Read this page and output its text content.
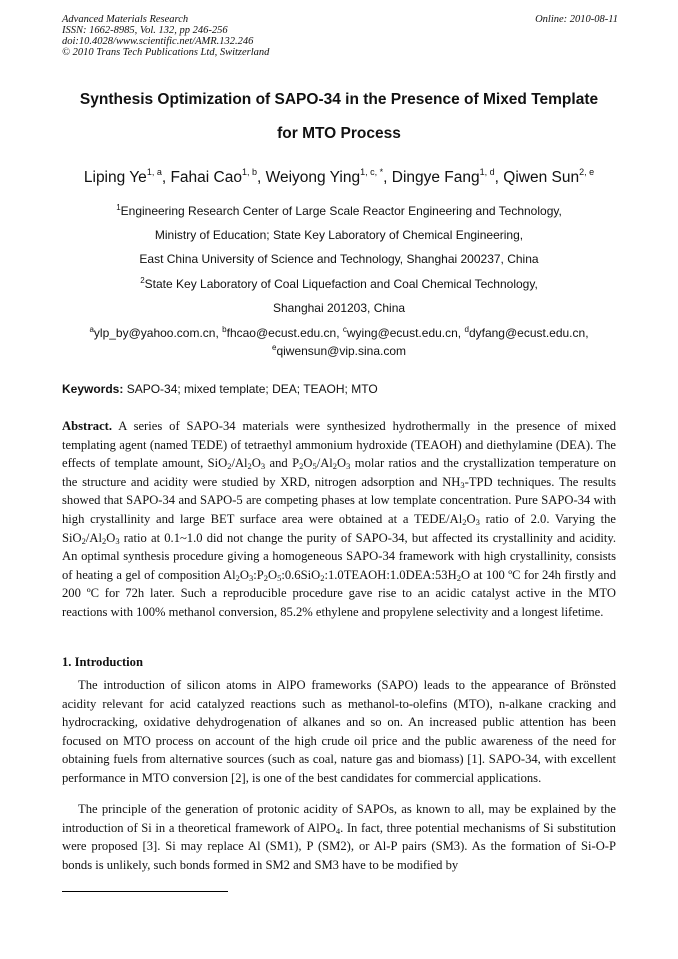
Advanced Materials Research
ISSN: 1662-8985, Vol. 132, pp 246-256
doi:10.4028/www.scientific.net/AMR.132.246
© 2010 Trans Tech Publications Ltd, Switzerland
Online: 2010-08-11
Synthesis Optimization of SAPO-34 in the Presence of Mixed Template
for MTO Process
Liping Ye$^{1, a}$, Fahai Cao$^{1, b}$, Weiyong Ying$^{1, c, *}$, Dingye Fang$^{1, d}$, Qiwen Sun$^{2, e}$
$^1$Engineering Research Center of Large Scale Reactor Engineering and Technology,
Ministry of Education; State Key Laboratory of Chemical Engineering,
East China University of Science and Technology, Shanghai 200237, China
$^2$State Key Laboratory of Coal Liquefaction and Coal Chemical Technology,
Shanghai 201203, China
$^a$ylp_by@yahoo.com.cn, $^b$fhcao@ecust.edu.cn, $^c$wying@ecust.edu.cn, $^d$dyfang@ecust.edu.cn,
$^e$qiwensun@vip.sina.com
Keywords: SAPO-34; mixed template; DEA; TEAOH; MTO

Abstract. A series of SAPO-34 materials were synthesized hydrothermally in the presence of mixed templating agent (named TEDE) of tetraethyl ammonium hydroxide (TEAOH) and diethylamine (DEA). The effects of template amount, $SiO_2/Al_2O_3$ and $P_2O_5/Al_2O_3$ molar ratios and the crystallization temperature on the structure and acidity were studied by XRD, nitrogen adsorption and $NH_3$-TPD techniques. The results showed that SAPO-34 and SAPO-5 are competing phases at low template concentration. Pure SAPO-34 with high crystallinity and large BET surface area were obtained at a TEDE/$Al_2O_3$ ratio of 2.0. Varying the $SiO_2/Al_2O_3$ ratio at 0.1~1.0 did not change the purity of SAPO-34, but affected its crystallinity and acidity. An optimal synthesis procedure giving a homogeneous SAPO-34 framework with high crystallinity, consists of heating a gel of composition $Al_2O_3:P_2O_5:0.6SiO_2:1.0TEAOH:1.0DEA:53H_2O$ at 100 ºC for 24h firstly and 200 ºC for 72h later. Such a reproducible procedure gave rise to an acidic catalyst active in the MTO reactions with 100% methanol conversion, 85.2% ethylene and propylene selectivity and a longest lifetime.

1. Introduction

The introduction of silicon atoms in AlPO frameworks (SAPO) leads to the appearance of Brönsted acidity relevant for acid catalyzed reactions such as methanol-to-olefins (MTO), n-alkane cracking and hydrocracking, oxidative dehydrogenation of alkanes and so on. An increased public attention has been focused on MTO process on account of the high crude oil price and the public awareness of the need for obtaining fuels from alternative sources (such as coal, nature gas and biomass) [1]. SAPO-34, with excellent performance in MTO conversion [2], is one of the best candidates for commercial applications.

The principle of the generation of protonic acidity of SAPOs, as known to all, may be explained by the introduction of Si in a theoretical framework of AlPO$_4$. In fact, three potential mechanisms of Si substitution were proposed [3]. Si may replace Al (SM1), P (SM2), or Al-P pairs (SM3). As the formation of Si-O-P bonds is unlikely, such bonds formed in SM2 and SM3 have to be modified by
